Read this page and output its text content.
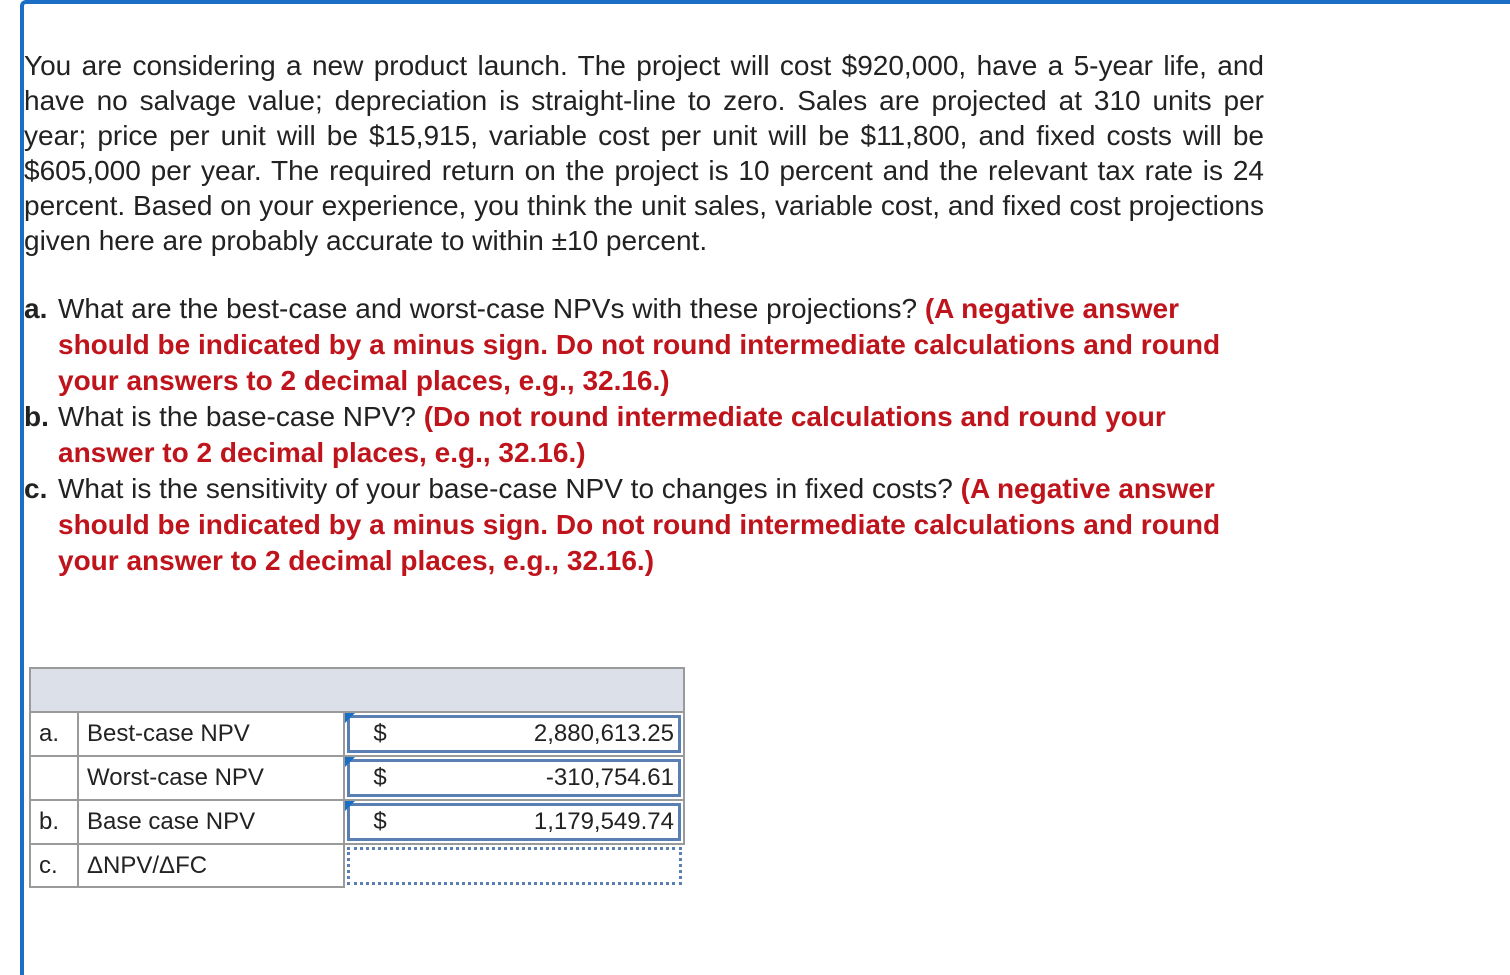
You are considering a new product launch. The project will cost $920,000, have a 5-year life, and have no salvage value; depreciation is straight-line to zero. Sales are projected at 310 units per year; price per unit will be $15,915, variable cost per unit will be $11,800, and fixed costs will be $605,000 per year. The required return on the project is 10 percent and the relevant tax rate is 24 percent. Based on your experience, you think the unit sales, variable cost, and fixed cost projections given here are probably accurate to within ±10 percent.

a. What are the best-case and worst-case NPVs with these projections? (A negative answer should be indicated by a minus sign. Do not round intermediate calculations and round your answers to 2 decimal places, e.g., 32.16.)
b. What is the base-case NPV? (Do not round intermediate calculations and round your answer to 2 decimal places, e.g., 32.16.)
c. What is the sensitivity of your base-case NPV to changes in fixed costs? (A negative answer should be indicated by a minus sign. Do not round intermediate calculations and round your answer to 2 decimal places, e.g., 32.16.)

a.	Best-case NPV	$ 2,880,613.25

	Worst-case NPV	$ -310,754.61

b.	Base case NPV	$ 1,179,549.74

c.	ΔNPV/ΔFC	
